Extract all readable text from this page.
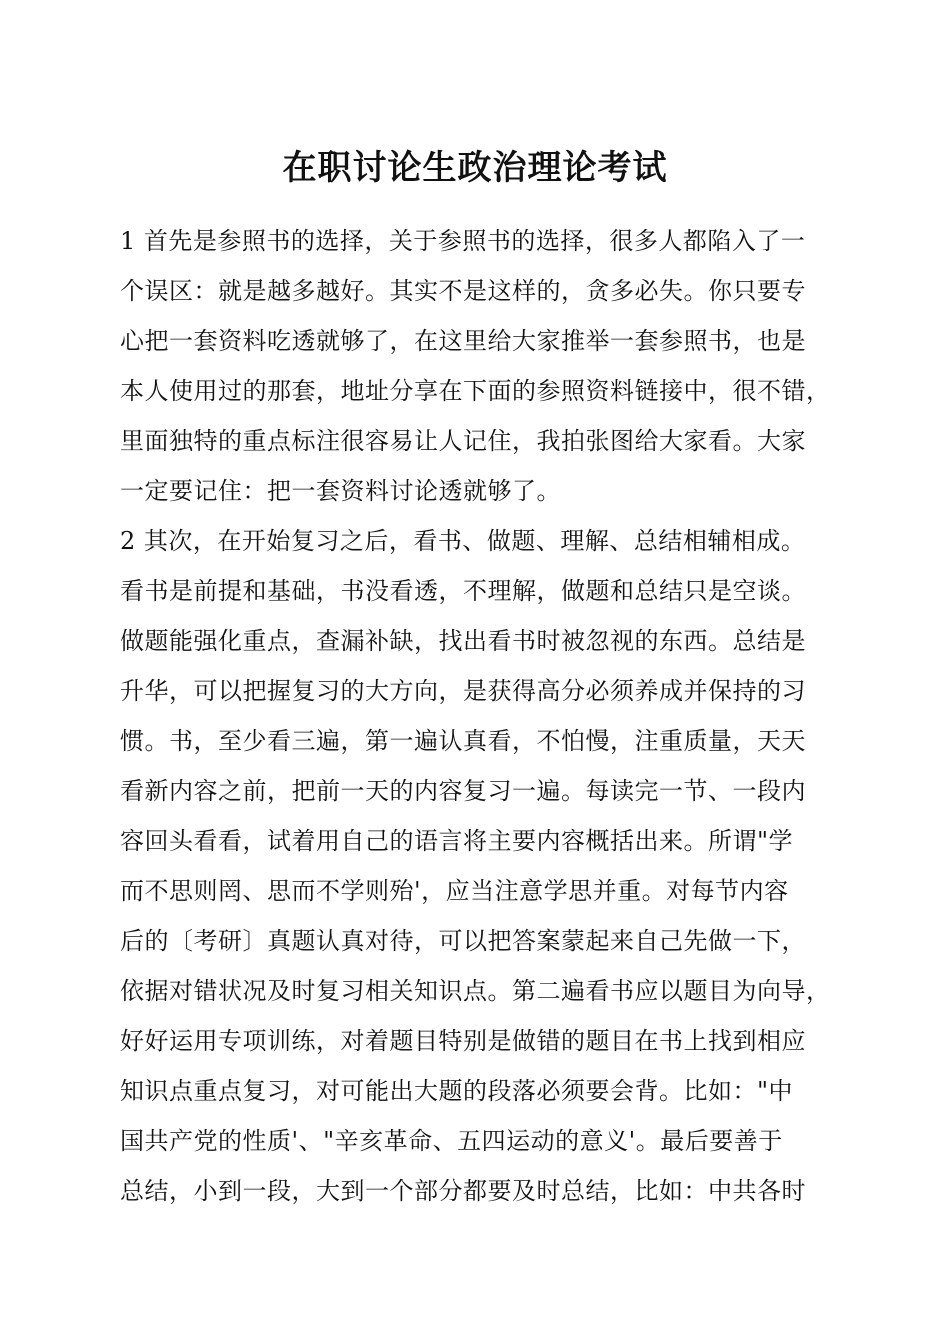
在职讨论生政治理论考试
1 首先是参照书的选择，关于参照书的选择，很多人都陷入了一
个误区：就是越多越好。其实不是这样的，贪多必失。你只要专
心把一套资料吃透就够了，在这里给大家推举一套参照书，也是
本人使用过的那套，地址分享在下面的参照资料链接中，很不错，
里面独特的重点标注很容易让人记住，我拍张图给大家看。大家
一定要记住：把一套资料讨论透就够了。
2 其次，在开始复习之后，看书、做题、理解、总结相辅相成。
看书是前提和基础，书没看透，不理解，做题和总结只是空谈。
做题能强化重点，查漏补缺，找出看书时被忽视的东西。总结是
升华，可以把握复习的大方向，是获得高分必须养成并保持的习
惯。书，至少看三遍，第一遍认真看，不怕慢，注重质量，天天
看新内容之前，把前一天的内容复习一遍。每读完一节、一段内
容回头看看，试着用自己的语言将主要内容概括出来。所谓"学
而不思则罔、思而不学则殆'，应当注意学思并重。对每节内容
后的〔考研〕真题认真对待，可以把答案蒙起来自己先做一下，
依据对错状况及时复习相关知识点。第二遍看书应以题目为向导，
好好运用专项训练，对着题目特别是做错的题目在书上找到相应
知识点重点复习，对可能出大题的段落必须要会背。比如："中
国共产党的性质'、"辛亥革命、五四运动的意义'。最后要善于
总结，小到一段，大到一个部分都要及时总结，比如：中共各时
